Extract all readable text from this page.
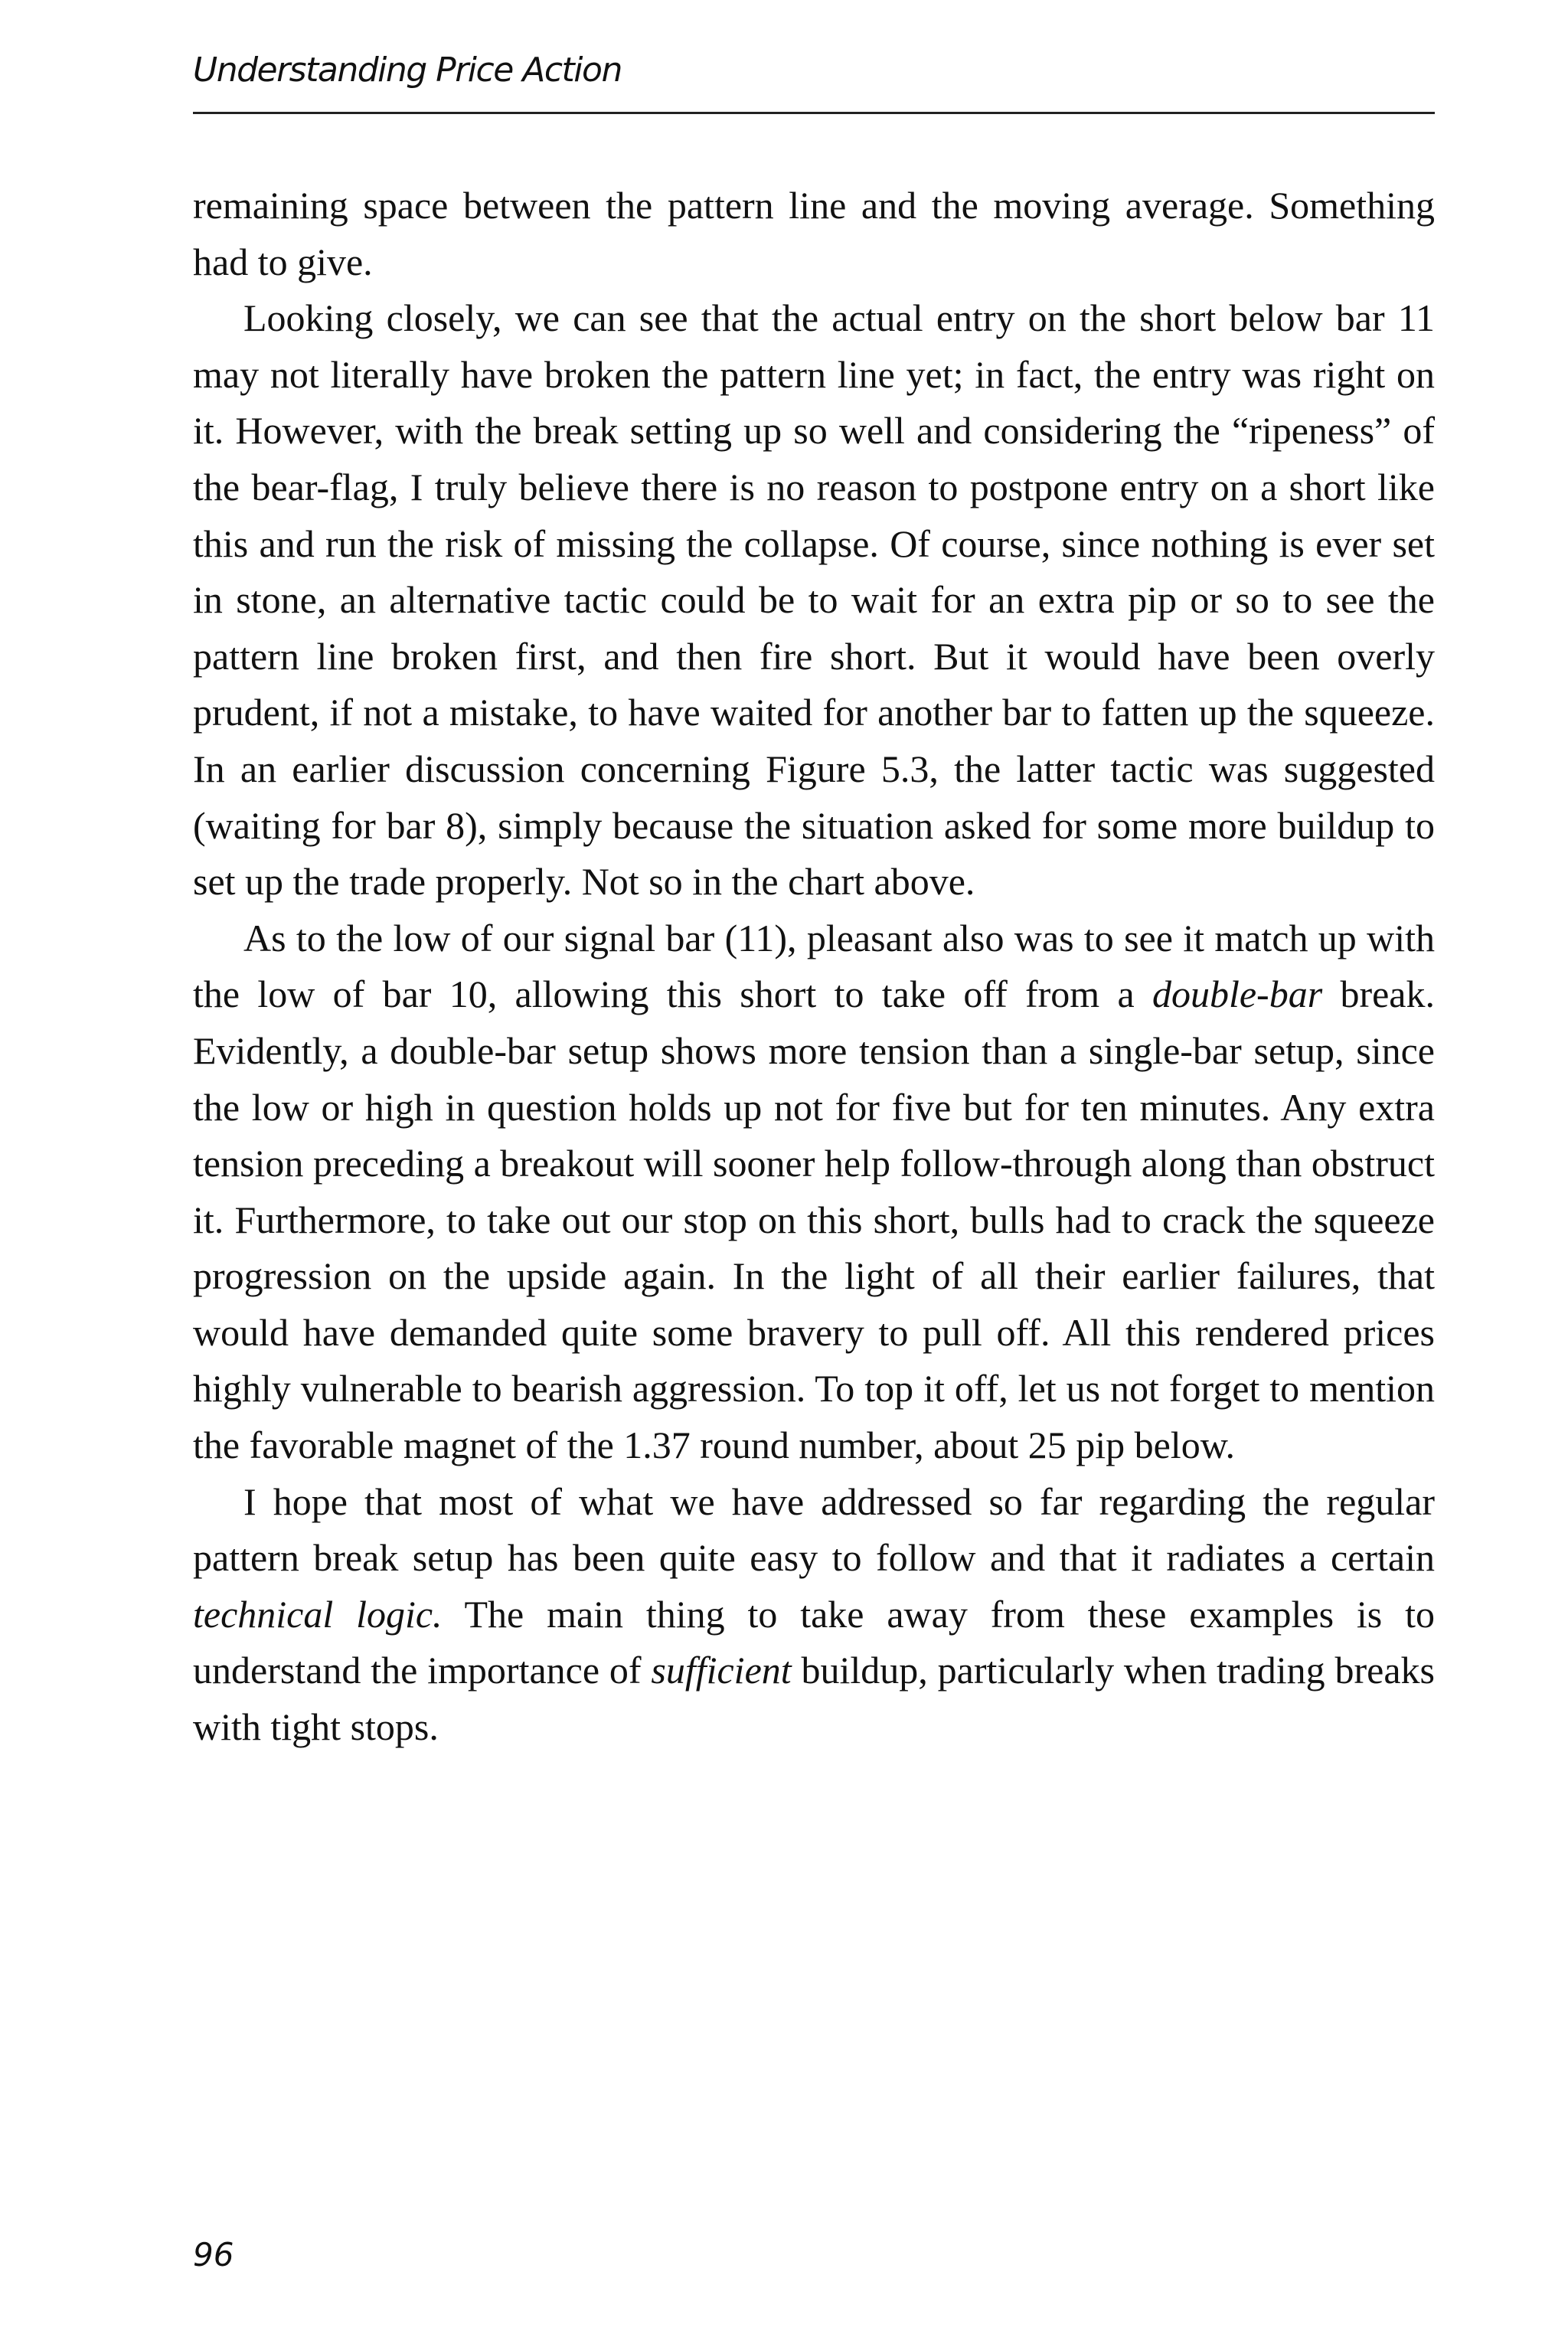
Understanding Price Action

remaining space between the pattern line and the moving average. Something had to give.

Looking closely, we can see that the actual entry on the short below bar 11 may not literally have broken the pattern line yet; in fact, the entry was right on it. However, with the break setting up so well and considering the “ripeness” of the bear-flag, I truly believe there is no reason to postpone entry on a short like this and run the risk of missing the collapse. Of course, since nothing is ever set in stone, an alternative tactic could be to wait for an extra pip or so to see the pattern line broken first, and then fire short. But it would have been overly prudent, if not a mistake, to have waited for another bar to fatten up the squeeze. In an earlier discussion concerning Figure 5.3, the latter tactic was suggested (waiting for bar 8), simply because the situation asked for some more buildup to set up the trade properly. Not so in the chart above.

As to the low of our signal bar (11), pleasant also was to see it match up with the low of bar 10, allowing this short to take off from a double-bar break. Evidently, a double-bar setup shows more tension than a single-bar setup, since the low or high in question holds up not for five but for ten minutes. Any extra tension preceding a breakout will sooner help follow-through along than obstruct it. Furthermore, to take out our stop on this short, bulls had to crack the squeeze progression on the upside again. In the light of all their earlier failures, that would have demanded quite some bravery to pull off. All this rendered prices highly vulnerable to bearish aggression. To top it off, let us not forget to mention the favorable magnet of the 1.37 round number, about 25 pip below.

I hope that most of what we have addressed so far regarding the regular pattern break setup has been quite easy to follow and that it radiates a certain technical logic. The main thing to take away from these examples is to understand the importance of sufficient buildup, particularly when trading breaks with tight stops.

96
